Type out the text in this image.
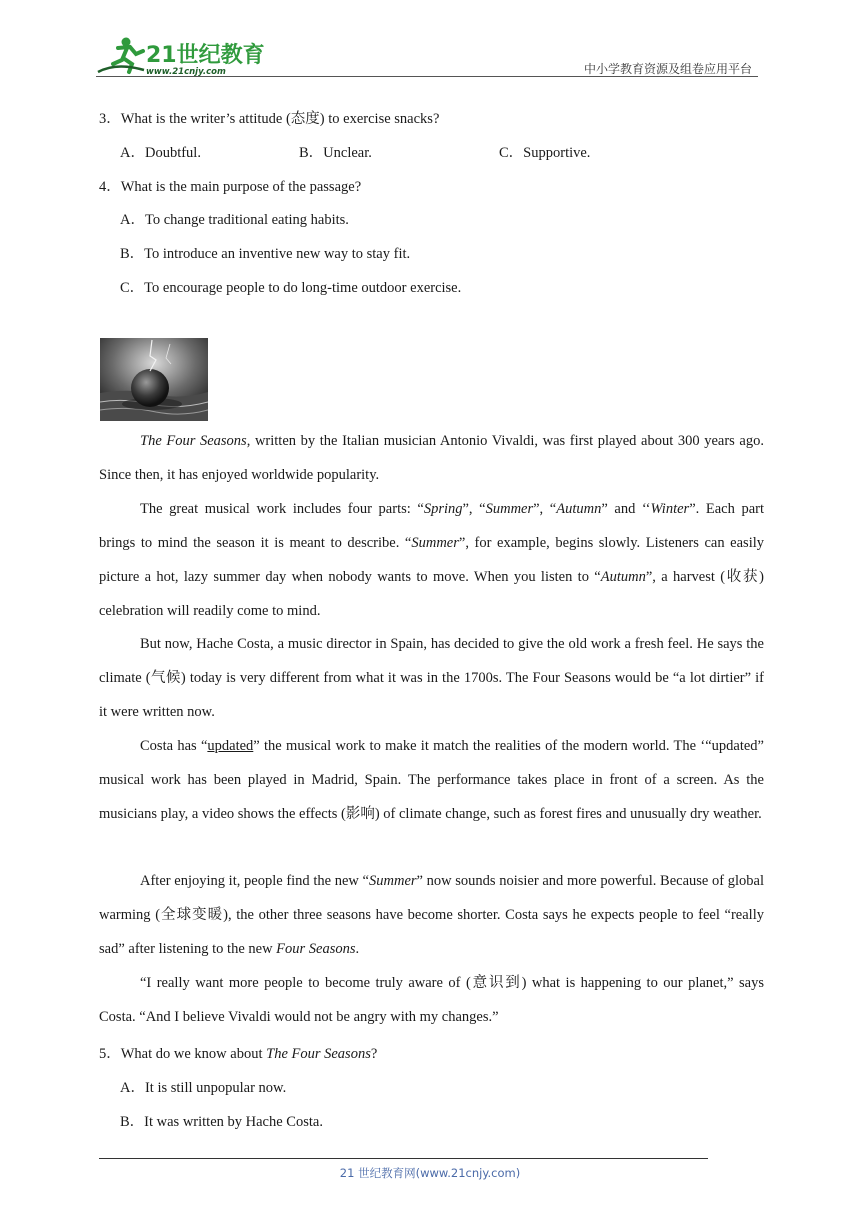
21世纪教育
www.21cnjy.com	中小学教育资源及组卷应用平台
3．What is the writer’s attitude (态度) to exercise snacks?
A．Doubtful.	B．Unclear.	C．Supportive.
4．What is the main purpose of the passage?
A．To change traditional eating habits.
B．To introduce an inventive new way to stay fit.
C．To encourage people to do long-time outdoor exercise.
The Four Seasons, written by the Italian musician Antonio Vivaldi, was first played about 300 years ago. Since then, it has enjoyed worldwide popularity.
The great musical work includes four parts: “Spring”, “Summer”, “Autumn” and ‘‘Winter”. Each part brings to mind the season it is meant to describe. “Summer”, for example, begins slowly. Listeners can easily picture a hot, lazy summer day when nobody wants to move. When you listen to “Autumn”, a harvest (收获) celebration will readily come to mind.
But now, Hache Costa, a music director in Spain, has decided to give the old work a fresh feel. He says the climate (气候) today is very different from what it was in the 1700s. The Four Seasons would be “a lot dirtier” if it were written now.
Costa has “updated” the musical work to make it match the realities of the modern world. The ‘“updated” musical work has been played in Madrid, Spain. The performance takes place in front of a screen. As the musicians play, a video shows the effects (影响) of climate change, such as forest fires and unusually dry weather.
After enjoying it, people find the new “Summer” now sounds noisier and more powerful. Because of global warming (全球变暖), the other three seasons have become shorter. Costa says he expects people to feel “really sad” after listening to the new Four Seasons.
“I really want more people to become truly aware of (意识到) what is happening to our planet,” says Costa. “And I believe Vivaldi would not be angry with my changes.”
5．What do we know about The Four Seasons?
A．It is still unpopular now.
B．It was written by Hache Costa.
21 世纪教育网(www.21cnjy.com)
